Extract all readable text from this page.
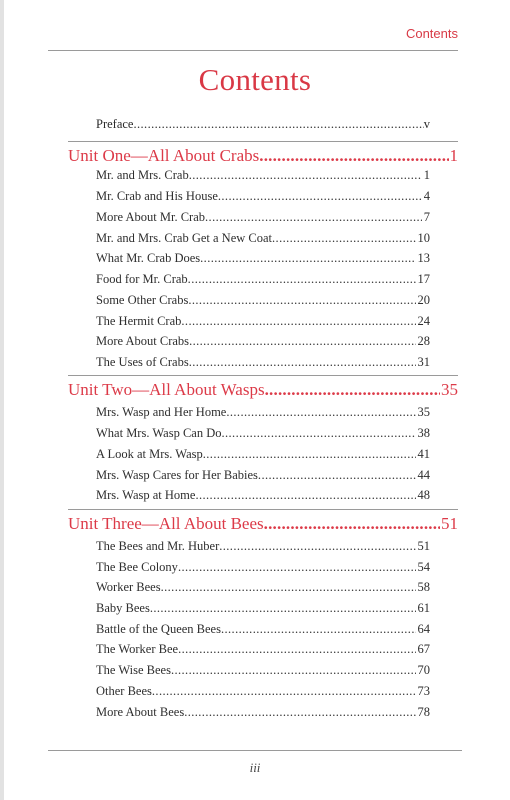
Contents
Contents
Preface .....	v
Unit One—All About Crabs .....	1
Mr. and Mrs. Crab .....	1
Mr. Crab and His House .....	4
More About Mr. Crab .....	7
Mr. and Mrs. Crab Get a New Coat .....	10
What Mr. Crab Does .....	13
Food for Mr. Crab .....	17
Some Other Crabs .....	20
The Hermit Crab .....	24
More About Crabs .....	28
The Uses of Crabs .....	31
Unit Two—All About Wasps .....	35
Mrs. Wasp and Her Home .....	35
What Mrs. Wasp Can Do .....	38
A Look at Mrs. Wasp .....	41
Mrs. Wasp Cares for Her Babies .....	44
Mrs. Wasp at Home .....	48
Unit Three—All About Bees .....	51
The Bees and Mr. Huber .....	51
The Bee Colony .....	54
Worker Bees .....	58
Baby Bees .....	61
Battle of the Queen Bees .....	64
The Worker Bee .....	67
The Wise Bees .....	70
Other Bees .....	73
More About Bees .....	78
iii
